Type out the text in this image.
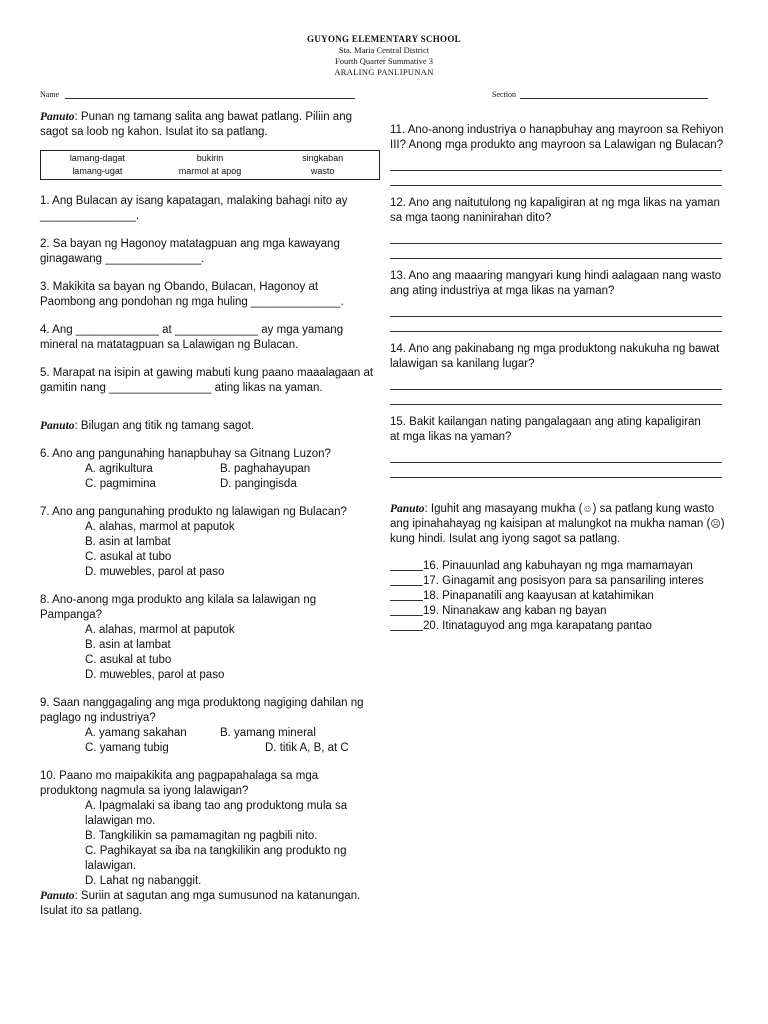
GUYONG ELEMENTARY SCHOOL
Sta. Maria Central District
Fourth Quarter Summative 3
ARALING PANLIPUNAN
Name	Section

Panuto: Punan ng tamang salita ang bawat patlang. Piliin ang sagot sa loob ng kahon. Isulat ito sa patlang.

lamang-dagat	bukirin	singkaban
lamang-ugat	marmol at apog	wasto
1. Ang Bulacan ay isang kapatagan, malaking bahagi nito ay
_______________.
2. Sa bayan ng Hagonoy matatagpuan ang mga kawayang ginagawang _______________.
3. Makikita sa bayan ng Obando, Bulacan, Hagonoy at Paombong ang pondohan ng mga huling ______________.
4. Ang _____________ at _____________ ay mga yamang mineral na matatagpuan sa Lalawigan ng Bulacan.
5. Marapat na isipin at gawing mabuti kung paano maaalagaan at gamitin nang ________________ ating likas na yaman.

Panuto: Bilugan ang titik ng tamang sagot.

6. Ano ang pangunahing hanapbuhay sa Gitnang Luzon?
A. agrikultura	B. paghahayupan
C. pagmimina	D. pangingisda
7. Ano ang pangunahing produkto ng lalawigan ng Bulacan?
A. alahas, marmol at paputok
B. asin at lambat
C. asukal at tubo
D. muwebles, parol at paso
8. Ano-anong mga produkto ang kilala sa lalawigan ng Pampanga?
A. alahas, marmol at paputok
B. asin at lambat
C. asukal at tubo
D. muwebles, parol at paso
9. Saan nanggagaling ang mga produktong nagiging dahilan ng paglago ng industriya?
A. yamang sakahan	B. yamang mineral
C. yamang tubig	D. titik A, B, at C
10. Paano mo maipakikita ang pagpapahalaga sa mga produktong nagmula sa iyong lalawigan?
A. Ipagmalaki sa ibang tao ang produktong mula sa lalawigan mo.
B. Tangkilikin sa pamamagitan ng pagbili nito.
C. Paghikayat sa iba na tangkilikin ang produkto ng lalawigan.
D. Lahat ng nabanggit.

Panuto: Suriin at sagutan ang mga sumusunod na katanungan. Isulat ito sa patlang.

11. Ano-anong industriya o hanapbuhay ang mayroon sa Rehiyon III? Anong mga produkto ang mayroon sa Lalawigan ng Bulacan?
12. Ano ang naitutulong ng kapaligiran at ng mga likas na yaman sa mga taong naninirahan dito?
13. Ano ang maaaring mangyari kung hindi aalagaan nang wasto ang ating industriya at mga likas na yaman?
14. Ano ang pakinabang ng mga produktong nakukuha ng bawat lalawigan sa kanilang lugar?
15. Bakit kailangan nating pangalagaan ang ating kapaligiran
at mga likas na yaman?

Panuto: Iguhit ang masayang mukha (☺) sa patlang kung wasto ang ipinahahayag ng kaisipan at malungkot na mukha naman (☹) kung hindi. Isulat ang iyong sagot sa patlang.

16. Pinauunlad ang kabuhayan ng mga mamamayan
17. Ginagamit ang posisyon para sa pansariling interes
18. Pinapanatili ang kaayusan at katahimikan
19. Ninanakaw ang kaban ng bayan
20. Itinataguyod ang mga karapatang pantao
